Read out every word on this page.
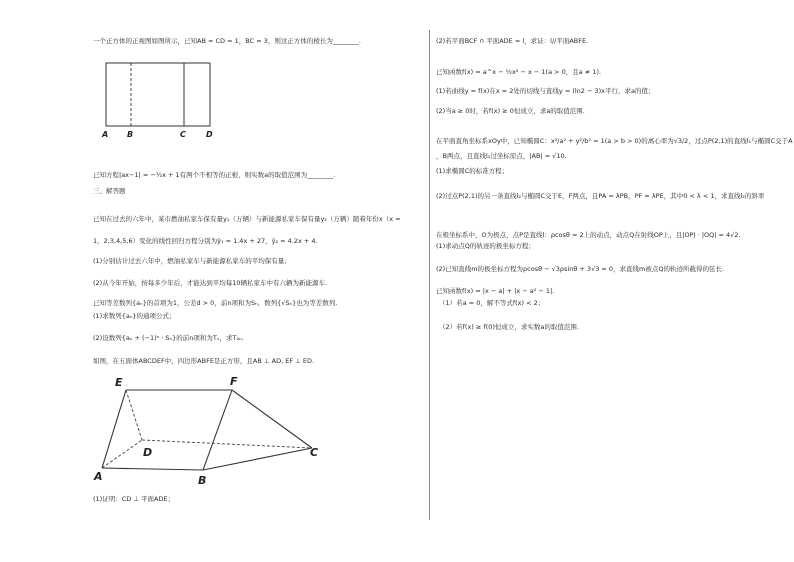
一个正方体的正视图如图所示，已知AB = CD = 1，BC = 3，则这正方体的棱长为________.
A B	C	D
已知方程|ax−1| = −½x + 1有两个不相等的正根，则实数a的取值范围为________.
三、解答题
已知在过去的六年中，某市燃油私家车保有量y₁（万辆）与新能源私家车保有量y₂（万辆）随着年份x（x =
1，2,3,4,5,6）变化的线性回归方程分别为ŷ₁ = 1.4x + 27，ŷ₂ = 4.2x + 4.
(1)分别估计过去六年中，燃油私家车与新能源私家车的平均保有量；
(2)从今年开始，按每多少年后，才能达到平均每10辆私家车中有六辆为新能源车.
已知等差数列{aₙ}的首项为1，公差d > 0，前n项和为Sₙ，数列{√Sₙ}也为等差数列.
(1)求数列{aₙ}的通项公式；
(2)设数列{aₙ + (−1)ⁿ · Sₙ}的前n项和为Tₙ，求T₂ₙ.
如图，在五面体ABCDEF中，四边形ABFE是正方形，且AB ⊥ AD, EF ⊥ ED.
E	F
D	C
A	B
(1)证明：CD ⊥ 平面ADE；
(2)若平面BCF ∩ 平面ADE = l，求证：l//平面ABFE.
已知函数f(x) = a^x − ½x² − x − 1(a > 0，且a ≠ 1).
(1)若曲线y = f(x)在x = 2处的切线与直线y = (ln2 − 3)x平行，求a的值；
(2)当a ≥ 0时，若f(x) ≥ 0恒成立，求a的取值范围.
在平面直角坐标系xOy中，已知椭圆C：x²/a² + y²/b² = 1(a > b > 0)的离心率为√3/2，过点P(2,1)的直线l₁与椭圆C交于A
，B两点，且直线l₁过坐标原点，|AB| = √10.
(1)求椭圆C的标准方程；
(2)过点P(2,1)的另一条直线l₂与椭圆C交于E，F两点，且PA = λPB，PF = λPE，其中0 < λ < 1，求直线l₂的斜率
在极坐标系中，O为极点，点P是直线l：ρcosθ = 2上的动点，动点Q在射线OP上，且|OP| · |OQ| = 4√2.
(1)求动点Q的轨迹的极坐标方程；
(2)已知直线m的极坐标方程为ρcosθ − √3ρsinθ + 3√3 = 0，求直线m被点Q的轨迹所截得的弦长.
已知函数f(x) = |x − a| + |x − a² − 1|.
（1）若a = 0，解不等式f(x) < 2；
（2）若f(x) ≥ f(0)恒成立，求实数a的取值范围.
